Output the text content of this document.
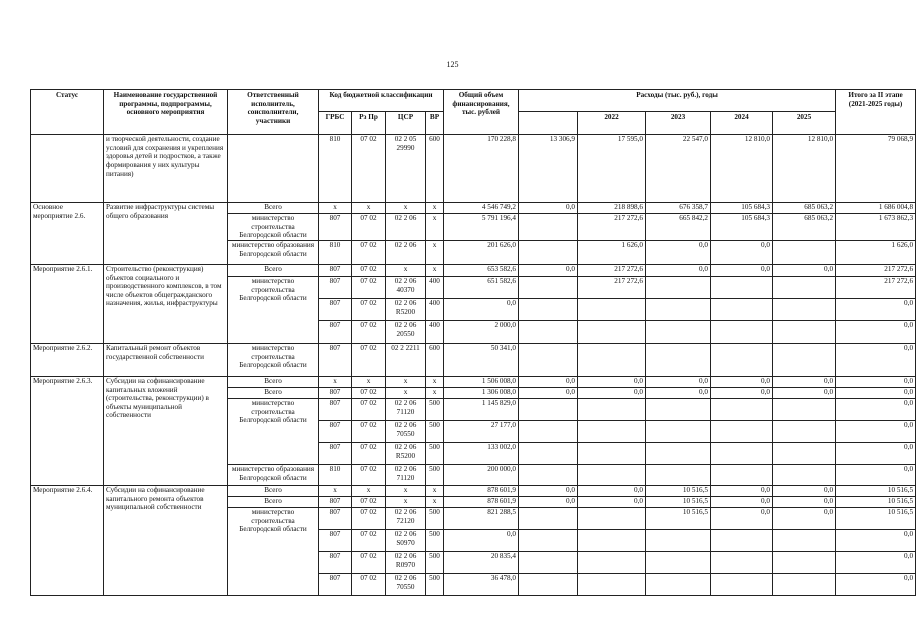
125
Статус	Наименование государственной программы, подпрограммы, основного мероприятия	Ответственный исполнитель, соисполнители, участники	Код бюджетной классификации				Общий объем финансирования, тыс. рублей	Расходы (тыс. руб.), годы					Итого за II этапе (2021-2025 годы)
			ГРБС	Рз Пр	ЦСР	ВР			2022	2023	2024	2025	

	и творческой деятельности, создание условий для сохранения и укрепления здоровья детей и подростков, а также формирования у них культуры питания)		810	07 02	02 2 05 29990	600	170 228,8	13 306,9	17 595,0	22 547,0	12 810,0	12 810,0	79 068,9
Основное мероприятие 2.6.	Развитие инфраструктуры системы общего образования	Всего	х	х	х	х	4 546 749,2	0,0	218 898,6	676 358,7	105 684,3	685 063,2	1 686 004,8
		министерство строительства Белгородской области	807	07 02	02 2 06	х	5 791 196,4		217 272,6	665 842,2	105 684,3	685 063,2	1 673 862,3
		министерство образования Белгородской области	810	07 02	02 2 06	х	201 626,0		1 626,0	0,0	0,0		1 626,0
Мероприятие 2.6.1.	Строительство (реконструкция) объектов социального и производственного комплексов, в том числе объектов общегражданского назначения, жилья, инфраструктуры	Всего	807	07 02	х	х	653 582,6	0,0	217 272,6	0,0	0,0	0,0	217 272,6
		министерство строительства Белгородской области	807	07 02	02 2 06 40370	400	651 582,6		217 272,6				217 272,6
			807	07 02	02 2 06 R5200	400	0,0						0,0
			807	07 02	02 2 06 20550	400	2 000,0						0,0
Мероприятие 2.6.2.	Капитальный ремонт объектов государственной собственности	министерство строительства Белгородской области	807	07 02	02 2 2211	600	50 341,0						0,0
Мероприятие 2.6.3.	Субсидии на софинансирование капитальных вложений (строительства, реконструкции) в объекты муниципальной собственности	Всего	х	х	х	х	1 506 008,0	0,0	0,0	0,0	0,0	0,0	0,0
		Всего	807	07 02	х	х	1 306 008,0	0,0	0,0	0,0	0,0	0,0	0,0
		министерство строительства Белгородской области	807	07 02	02 2 06 71120	500	1 145 829,0						0,0
			807	07 02	02 2 06 70550	500	27 177,0						0,0
			807	07 02	02 2 06 R5200	500	133 002,0						0,0
		министерство образования Белгородской области	810	07 02	02 2 06 71120	500	200 000,0						0,0
Мероприятие 2.6.4.	Субсидии на софинансирование капитального ремонта объектов муниципальной собственности	Всего	х	х	х	х	878 601,9	0,0	0,0	10 516,5	0,0	0,0	10 516,5
		Всего	807	07 02	х	х	878 601,9	0,0	0,0	10 516,5	0,0	0,0	10 516,5
		министерство строительства Белгородской области	807	07 02	02 2 06 72120	500	821 288,5			10 516,5	0,0	0,0	10 516,5
			807	07 02	02 2 06 S0970	500	0,0						0,0
			807	07 02	02 2 06 R0970	500	20 835,4						0,0
			807	07 02	02 2 06 70550	500	36 478,0						0,0
